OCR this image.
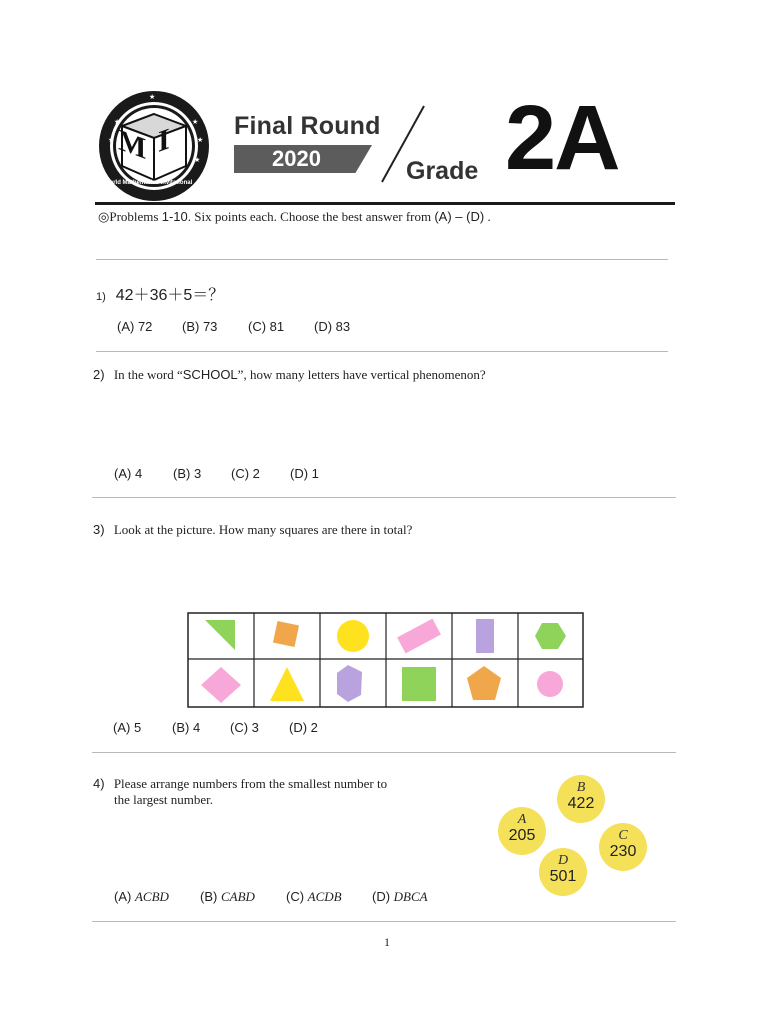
★
★
★
★
★
★
M I
World Mathematics Invitational
Final Round
2020	Grade 2A
◎Problems 1-10. Six points each. Choose the best answer from (A) – (D) .
1) 42＋36＋5＝？
(A) 72 (B) 73 (C) 81 (D) 83
2) In the word “SCHOOL”, how many letters have vertical phenomenon?
(A) 4 (B) 3 (C) 2 (D) 1
3) Look at the picture. How many squares are there in total?
(A) 5 (B) 4 (C) 3 (D) 2
4) Please arrange numbers from the smallest number to
the largest number.
B
422
A
205	C
230
D
501
(A) ACBD (B) CABD (C) ACDB (D) DBCA
1
